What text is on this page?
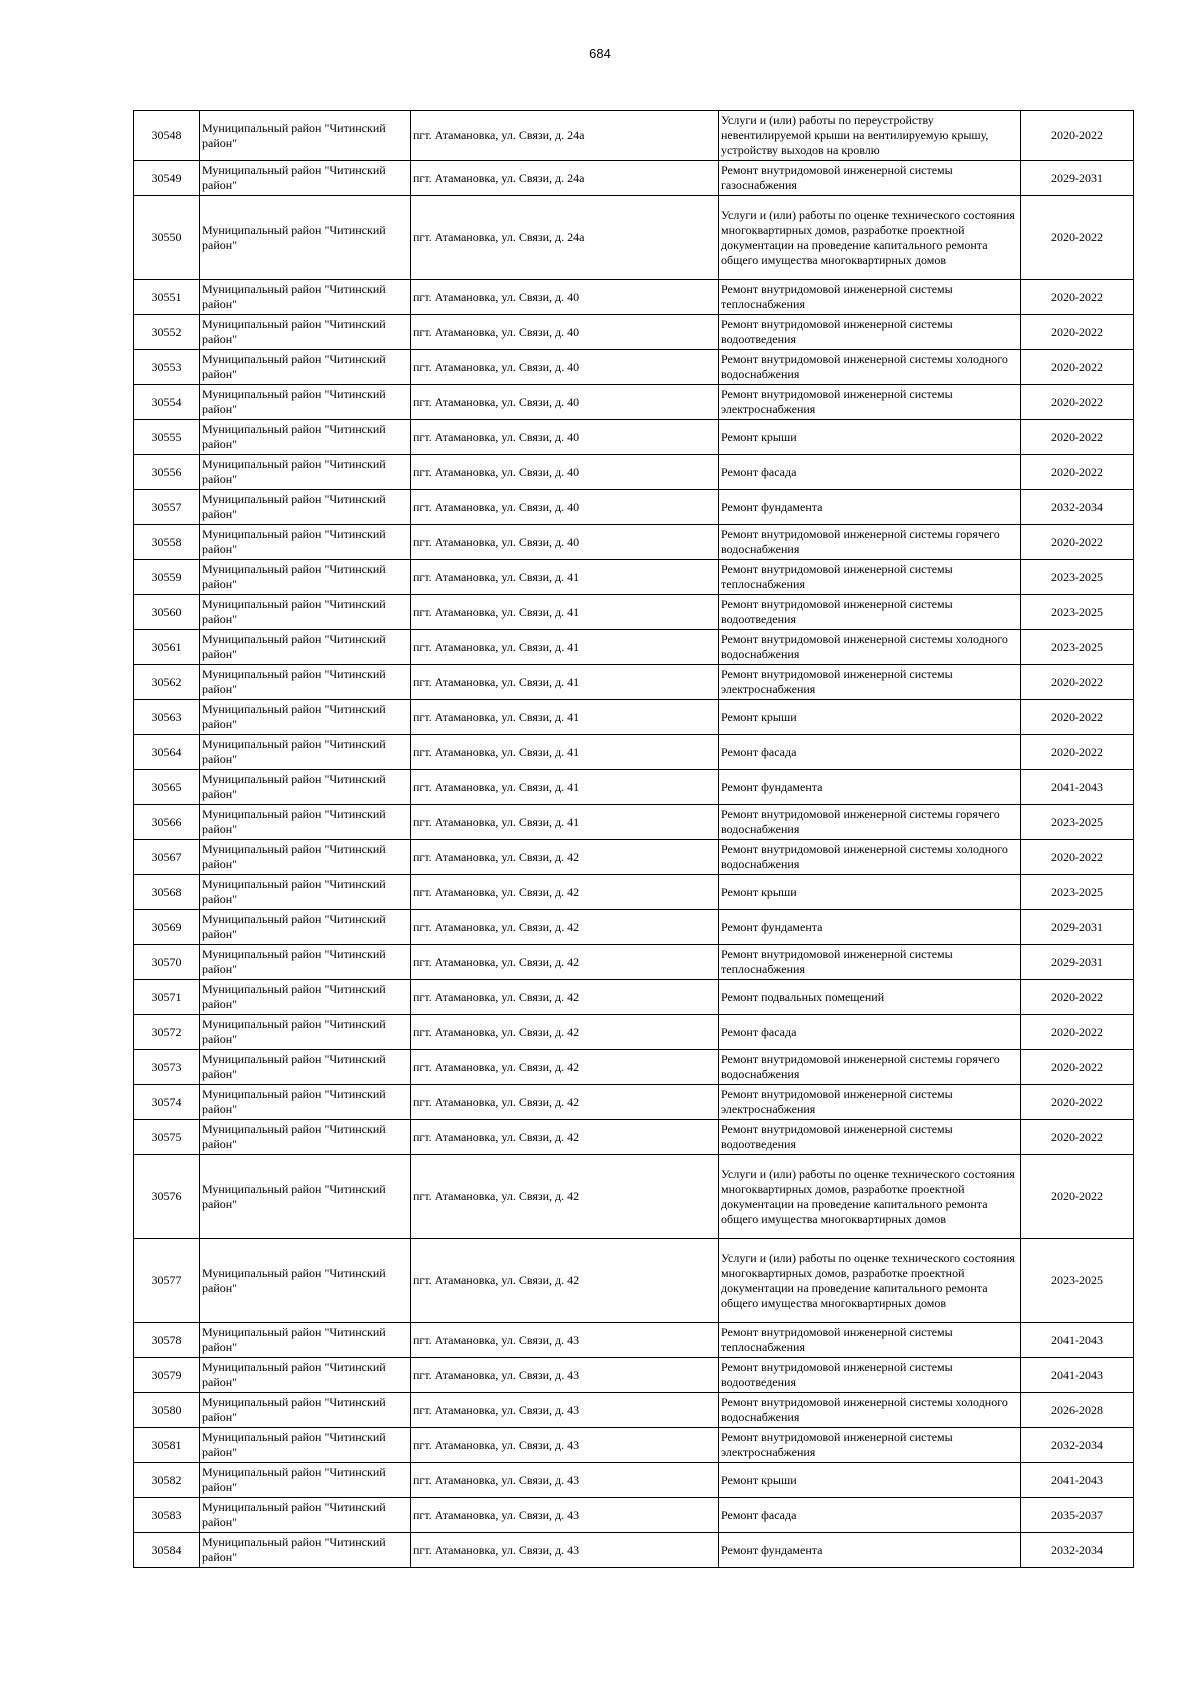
684
30548	Муниципальный район "Читинский район"	пгт. Атамановка, ул. Связи, д. 24а	Услуги и (или) работы по переустройству невентилируемой крыши на вентилируемую крышу, устройству выходов на кровлю	2020-2022
30549	Муниципальный район "Читинский район"	пгт. Атамановка, ул. Связи, д. 24а	Ремонт внутридомовой инженерной системы газоснабжения	2029-2031
30550	Муниципальный район "Читинский район"	пгт. Атамановка, ул. Связи, д. 24а	Услуги и (или) работы по оценке технического состояния многоквартирных домов, разработке проектной документации на проведение капитального ремонта общего имущества многоквартирных домов	2020-2022
30551	Муниципальный район "Читинский район"	пгт. Атамановка, ул. Связи, д. 40	Ремонт внутридомовой инженерной системы теплоснабжения	2020-2022
30552	Муниципальный район "Читинский район"	пгт. Атамановка, ул. Связи, д. 40	Ремонт внутридомовой инженерной системы водоотведения	2020-2022
30553	Муниципальный район "Читинский район"	пгт. Атамановка, ул. Связи, д. 40	Ремонт внутридомовой инженерной системы холодного водоснабжения	2020-2022
30554	Муниципальный район "Читинский район"	пгт. Атамановка, ул. Связи, д. 40	Ремонт внутридомовой инженерной системы электроснабжения	2020-2022
30555	Муниципальный район "Читинский район"	пгт. Атамановка, ул. Связи, д. 40	Ремонт крыши	2020-2022
30556	Муниципальный район "Читинский район"	пгт. Атамановка, ул. Связи, д. 40	Ремонт фасада	2020-2022
30557	Муниципальный район "Читинский район"	пгт. Атамановка, ул. Связи, д. 40	Ремонт фундамента	2032-2034
30558	Муниципальный район "Читинский район"	пгт. Атамановка, ул. Связи, д. 40	Ремонт внутридомовой инженерной системы горячего водоснабжения	2020-2022
30559	Муниципальный район "Читинский район"	пгт. Атамановка, ул. Связи, д. 41	Ремонт внутридомовой инженерной системы теплоснабжения	2023-2025
30560	Муниципальный район "Читинский район"	пгт. Атамановка, ул. Связи, д. 41	Ремонт внутридомовой инженерной системы водоотведения	2023-2025
30561	Муниципальный район "Читинский район"	пгт. Атамановка, ул. Связи, д. 41	Ремонт внутридомовой инженерной системы холодного водоснабжения	2023-2025
30562	Муниципальный район "Читинский район"	пгт. Атамановка, ул. Связи, д. 41	Ремонт внутридомовой инженерной системы электроснабжения	2020-2022
30563	Муниципальный район "Читинский район"	пгт. Атамановка, ул. Связи, д. 41	Ремонт крыши	2020-2022
30564	Муниципальный район "Читинский район"	пгт. Атамановка, ул. Связи, д. 41	Ремонт фасада	2020-2022
30565	Муниципальный район "Читинский район"	пгт. Атамановка, ул. Связи, д. 41	Ремонт фундамента	2041-2043
30566	Муниципальный район "Читинский район"	пгт. Атамановка, ул. Связи, д. 41	Ремонт внутридомовой инженерной системы горячего водоснабжения	2023-2025
30567	Муниципальный район "Читинский район"	пгт. Атамановка, ул. Связи, д. 42	Ремонт внутридомовой инженерной системы холодного водоснабжения	2020-2022
30568	Муниципальный район "Читинский район"	пгт. Атамановка, ул. Связи, д. 42	Ремонт крыши	2023-2025
30569	Муниципальный район "Читинский район"	пгт. Атамановка, ул. Связи, д. 42	Ремонт фундамента	2029-2031
30570	Муниципальный район "Читинский район"	пгт. Атамановка, ул. Связи, д. 42	Ремонт внутридомовой инженерной системы теплоснабжения	2029-2031
30571	Муниципальный район "Читинский район"	пгт. Атамановка, ул. Связи, д. 42	Ремонт подвальных помещений	2020-2022
30572	Муниципальный район "Читинский район"	пгт. Атамановка, ул. Связи, д. 42	Ремонт фасада	2020-2022
30573	Муниципальный район "Читинский район"	пгт. Атамановка, ул. Связи, д. 42	Ремонт внутридомовой инженерной системы горячего водоснабжения	2020-2022
30574	Муниципальный район "Читинский район"	пгт. Атамановка, ул. Связи, д. 42	Ремонт внутридомовой инженерной системы электроснабжения	2020-2022
30575	Муниципальный район "Читинский район"	пгт. Атамановка, ул. Связи, д. 42	Ремонт внутридомовой инженерной системы водоотведения	2020-2022
30576	Муниципальный район "Читинский район"	пгт. Атамановка, ул. Связи, д. 42	Услуги и (или) работы по оценке технического состояния многоквартирных домов, разработке проектной документации на проведение капитального ремонта общего имущества многоквартирных домов	2020-2022
30577	Муниципальный район "Читинский район"	пгт. Атамановка, ул. Связи, д. 42	Услуги и (или) работы по оценке технического состояния многоквартирных домов, разработке проектной документации на проведение капитального ремонта общего имущества многоквартирных домов	2023-2025
30578	Муниципальный район "Читинский район"	пгт. Атамановка, ул. Связи, д. 43	Ремонт внутридомовой инженерной системы теплоснабжения	2041-2043
30579	Муниципальный район "Читинский район"	пгт. Атамановка, ул. Связи, д. 43	Ремонт внутридомовой инженерной системы водоотведения	2041-2043
30580	Муниципальный район "Читинский район"	пгт. Атамановка, ул. Связи, д. 43	Ремонт внутридомовой инженерной системы холодного водоснабжения	2026-2028
30581	Муниципальный район "Читинский район"	пгт. Атамановка, ул. Связи, д. 43	Ремонт внутридомовой инженерной системы электроснабжения	2032-2034
30582	Муниципальный район "Читинский район"	пгт. Атамановка, ул. Связи, д. 43	Ремонт крыши	2041-2043
30583	Муниципальный район "Читинский район"	пгт. Атамановка, ул. Связи, д. 43	Ремонт фасада	2035-2037
30584	Муниципальный район "Читинский район"	пгт. Атамановка, ул. Связи, д. 43	Ремонт фундамента	2032-2034
